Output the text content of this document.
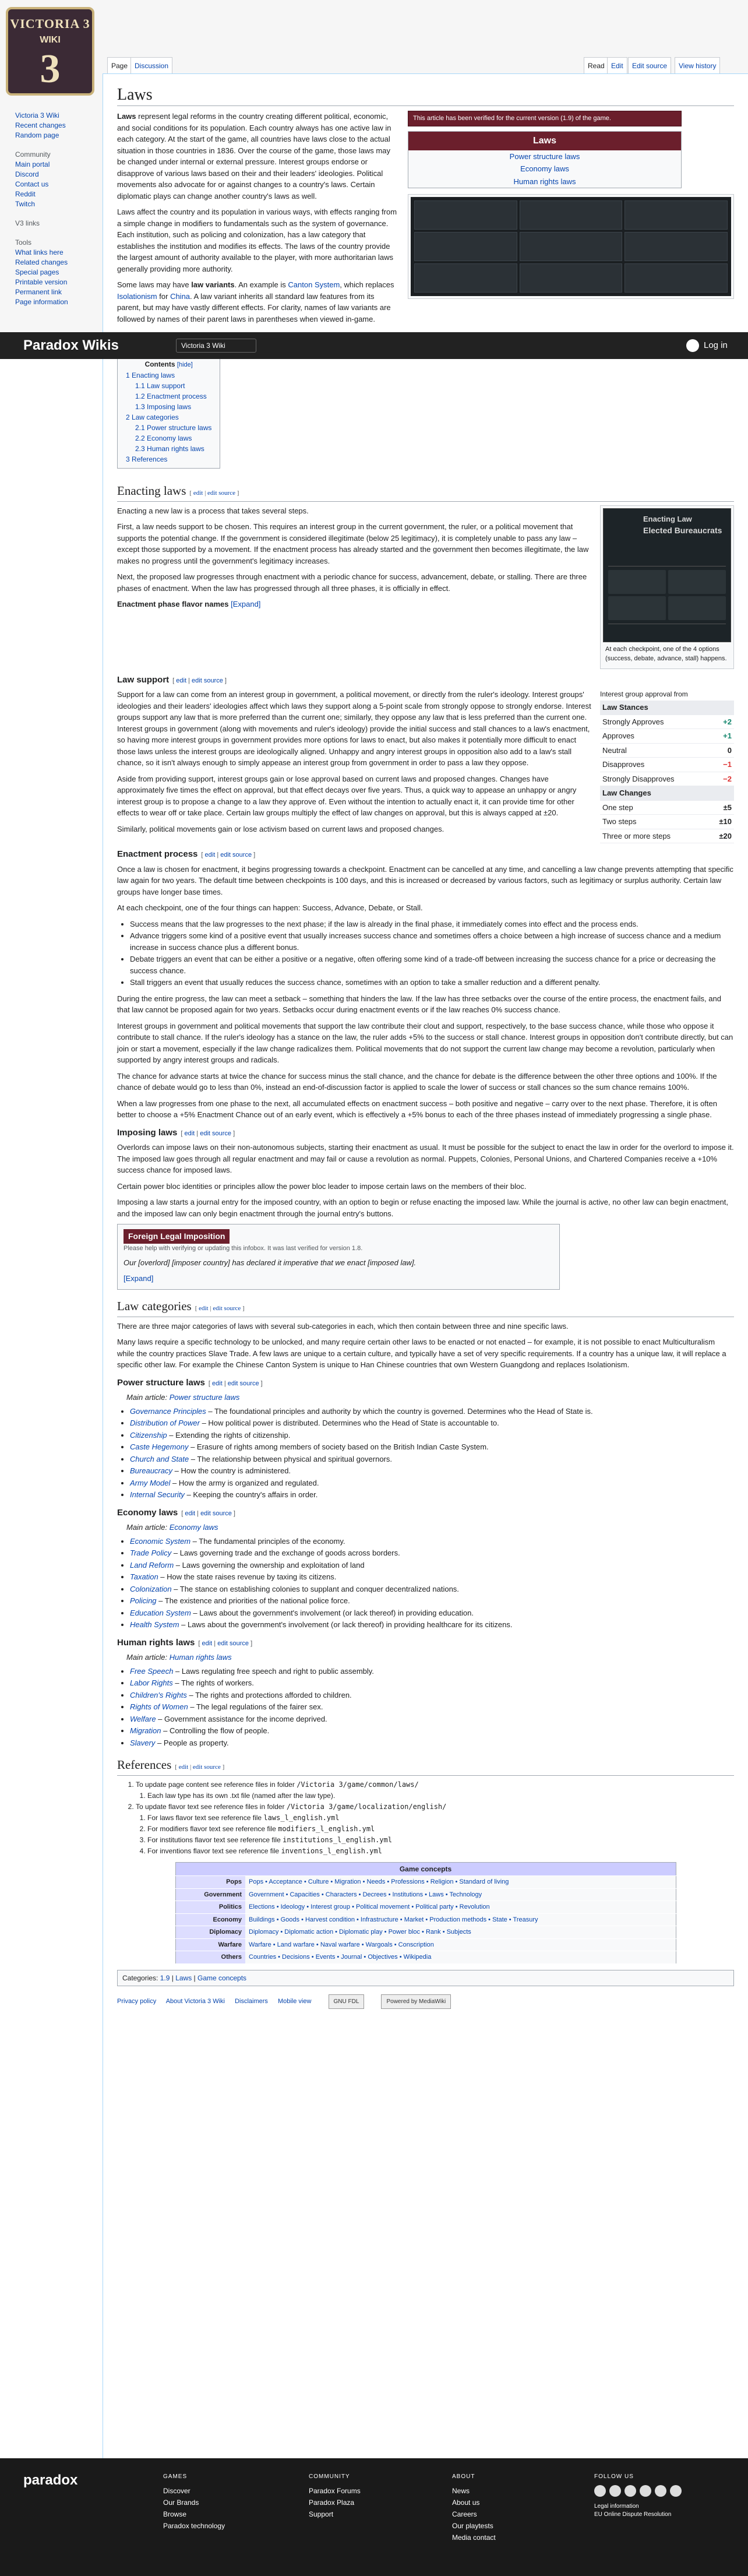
VICTORIA 3
WIKI
3
Victoria 3 Wiki
Recent changes
Random page
Community
Main portal
Discord
Contact us
Reddit
Twitch
V3 links
Tools
What links here
Related changes
Special pages
Printable version
Permanent link
Page information
Page Discussion	Read Edit	Edit source	View history
Laws
This article has been verified for the current version (1.9) of the game.
Laws
Power structure laws
Economy laws
Human rights laws

Laws represent legal reforms in the country creating different political, economic, and social conditions for its population. Each country always has one active law in each category. At the start of the game, all countries have laws close to the actual situation in those countries in 1836. Over the course of the game, those laws may be changed under internal or external pressure. Interest groups endorse or disapprove of various laws based on their and their leaders' ideologies. Political movements also advocate for or against changes to a country's laws. Certain diplomatic plays can change another country's laws as well.

Laws affect the country and its population in various ways, with effects ranging from a simple change in modifiers to fundamentals such as the system of governance. Each institution, such as policing and colonization, has a law category that establishes the institution and modifies its effects. The laws of the country provide the largest amount of authority available to the player, with more authoritarian laws generally providing more authority.

Some laws may have law variants. An example is Canton System, which replaces Isolationism for China. A law variant inherits all standard law features from its parent, but may have vastly different effects. For clarity, names of law variants are followed by names of their parent laws in parentheses when viewed in-game.

Contents [hide]
1 Enacting laws
1.1 Law support
1.2 Enactment process
1.3 Imposing laws
2 Law categories
2.1 Power structure laws
2.2 Economy laws
2.3 Human rights laws
3 References
Enacting laws [ edit | edit source ]
Enacting Law
Elected Bureaucrats
At each checkpoint, one of the 4 options (success, debate, advance, stall) happens.

Enacting a new law is a process that takes several steps.

First, a law needs support to be chosen. This requires an interest group in the current government, the ruler, or a political movement that supports the potential change. If the government is considered illegitimate (below 25 legitimacy), it is completely unable to pass any law – except those supported by a movement. If the enactment process has already started and the government then becomes illegitimate, the law makes no progress until the government's legitimacy increases.

Next, the proposed law progresses through enactment with a periodic chance for success, advancement, debate, or stalling. There are three phases of enactment. When the law has progressed through all three phases, it is officially in effect.

Enactment phase flavor names [Expand]

Law support [ edit | edit source ]
Interest group approval from
Law Stances	
Strongly Approves	+2
Approves	+1
Neutral	0
Disapproves	−1
Strongly Disapproves	−2
Law Changes	
One step	±5
Two steps	±10
Three or more steps	±20

Support for a law can come from an interest group in government, a political movement, or directly from the ruler's ideology. Interest groups' ideologies and their leaders' ideologies affect which laws they support along a 5-point scale from strongly oppose to strongly endorse. Interest groups support any law that is more preferred than the current one; similarly, they oppose any law that is less preferred than the current one. Interest groups in government (along with movements and ruler's ideology) provide the initial success and stall chances to a law's enactment, so having more interest groups in government provides more options for laws to enact, but also makes it potentially more difficult to enact those laws unless the interest groups are ideologically aligned. Unhappy and angry interest groups in opposition also add to a law's stall chance, so it isn't always enough to simply appease an interest group from government in order to pass a law they oppose.

Aside from providing support, interest groups gain or lose approval based on current laws and proposed changes. Changes have approximately five times the effect on approval, but that effect decays over five years. Thus, a quick way to appease an unhappy or angry interest group is to propose a change to a law they approve of. Even without the intention to actually enact it, it can provide time for other effects to wear off or take place. Certain law groups multiply the effect of law changes on approval, but this is always capped at ±20.

Similarly, political movements gain or lose activism based on current laws and proposed changes.

Enactment process [ edit | edit source ]

Once a law is chosen for enactment, it begins progressing towards a checkpoint. Enactment can be cancelled at any time, and cancelling a law change prevents attempting that specific law again for two years. The default time between checkpoints is 100 days, and this is increased or decreased by various factors, such as legitimacy or surplus authority. Certain law groups have longer base times.

At each checkpoint, one of the four things can happen: Success, Advance, Debate, or Stall.

• Success means that the law progresses to the next phase; if the law is already in the final phase, it immediately comes into effect and the process ends.
• Advance triggers some kind of a positive event that usually increases success chance and sometimes offers a choice between a high increase of success chance and a medium increase in success chance plus a different bonus.
• Debate triggers an event that can be either a positive or a negative, often offering some kind of a trade-off between increasing the success chance for a price or decreasing the success chance.
• Stall triggers an event that usually reduces the success chance, sometimes with an option to take a smaller reduction and a different penalty.

During the entire progress, the law can meet a setback – something that hinders the law. If the law has three setbacks over the course of the entire process, the enactment fails, and that law cannot be proposed again for two years. Setbacks occur during enactment events or if the law reaches 0% success chance.

Interest groups in government and political movements that support the law contribute their clout and support, respectively, to the base success chance, while those who oppose it contribute to stall chance. If the ruler's ideology has a stance on the law, the ruler adds +5% to the success or stall chance. Interest groups in opposition don't contribute directly, but can join or start a movement, especially if the law change radicalizes them. Political movements that do not support the current law change may become a revolution, particularly when supported by angry interest groups and radicals.

The chance for advance starts at twice the chance for success minus the stall chance, and the chance for debate is the difference between the other three options and 100%. If the chance of debate would go to less than 0%, instead an end-of-discussion factor is applied to scale the lower of success or stall chances so the sum chance remains 100%.

When a law progresses from one phase to the next, all accumulated effects on enactment success – both positive and negative – carry over to the next phase. Therefore, it is often better to choose a +5% Enactment Chance out of an early event, which is effectively a +5% bonus to each of the three phases instead of immediately progressing a single phase.

Imposing laws [ edit | edit source ]

Overlords can impose laws on their non-autonomous subjects, starting their enactment as usual. It must be possible for the subject to enact the law in order for the overlord to impose it. The imposed law goes through all regular enactment and may fail or cause a revolution as normal. Puppets, Colonies, Personal Unions, and Chartered Companies receive a +10% success chance for imposed laws.

Certain power bloc identities or principles allow the power bloc leader to impose certain laws on the members of their bloc.

Imposing a law starts a journal entry for the imposed country, with an option to begin or refuse enacting the imposed law. While the journal is active, no other law can begin enactment, and the imposed law can only begin enactment through the journal entry's buttons.

Foreign Legal Imposition
Please help with verifying or updating this infobox. It was last verified for version 1.8.

Our [overlord] [imposer country] has declared it imperative that we enact [imposed law].

[Expand]
Law categories [ edit | edit source ]

There are three major categories of laws with several sub-categories in each, which then contain between three and nine specific laws.

Many laws require a specific technology to be unlocked, and many require certain other laws to be enacted or not enacted – for example, it is not possible to enact Multiculturalism while the country practices Slave Trade. A few laws are unique to a certain culture, and typically have a set of very specific requirements. If a country has a unique law, it will replace a specific other law. For example the Chinese Canton System is unique to Han Chinese countries that own Western Guangdong and replaces Isolationism.

Power structure laws [ edit | edit source ]
Main article: Power structure laws
• Governance Principles – The foundational principles and authority by which the country is governed. Determines who the Head of State is.
• Distribution of Power – How political power is distributed. Determines who the Head of State is accountable to.
• Citizenship – Extending the rights of citizenship.
• Caste Hegemony – Erasure of rights among members of society based on the British Indian Caste System.
• Church and State – The relationship between physical and spiritual governors.
• Bureaucracy – How the country is administered.
• Army Model – How the army is organized and regulated.
• Internal Security – Keeping the country's affairs in order.
Economy laws [ edit | edit source ]
Main article: Economy laws
• Economic System – The fundamental principles of the economy.
• Trade Policy – Laws governing trade and the exchange of goods across borders.
• Land Reform – Laws governing the ownership and exploitation of land
• Taxation – How the state raises revenue by taxing its citizens.
• Colonization – The stance on establishing colonies to supplant and conquer decentralized nations.
• Policing – The existence and priorities of the national police force.
• Education System – Laws about the government's involvement (or lack thereof) in providing education.
• Health System – Laws about the government's involvement (or lack thereof) in providing healthcare for its citizens.
Human rights laws [ edit | edit source ]
Main article: Human rights laws
• Free Speech – Laws regulating free speech and right to public assembly.
• Labor Rights – The rights of workers.
• Children's Rights – The rights and protections afforded to children.
• Rights of Women – The legal regulations of the fairer sex.
• Welfare – Government assistance for the income deprived.
• Migration – Controlling the flow of people.
• Slavery – People as property.
References [ edit | edit source ]
1. To update page content see reference files in folder /Victoria 3/game/common/laws/
1. Each law type has its own .txt file (named after the law type).
2. To update flavor text see reference files in folder /Victoria 3/game/localization/english/
1. For laws flavor text see reference file laws_l_english.yml
2. For modifiers flavor text see reference file modifiers_l_english.yml
3. For institutions flavor text see reference file institutions_l_english.yml
4. For inventions flavor text see reference file inventions_l_english.yml
Game concepts	
Pops	Pops • Acceptance • Culture • Migration • Needs • Professions • Religion • Standard of living
Government	Government • Capacities • Characters • Decrees • Institutions • Laws • Technology
Politics	Elections • Ideology • Interest group • Political movement • Political party • Revolution
Economy	Buildings • Goods • Harvest condition • Infrastructure • Market • Production methods • State • Treasury
Diplomacy	Diplomacy • Diplomatic action • Diplomatic play • Power bloc • Rank • Subjects
Warfare	Warfare • Land warfare • Naval warfare • Wargoals • Conscription
Others	Countries • Decisions • Events • Journal • Objectives • Wikipedia
Categories: 1.9 | Laws | Game concepts
Privacy policy About Victoria 3 Wiki Disclaimers Mobile view	GNU FDL	Powered by MediaWiki
Paradox Wikis	Victoria 3 Wiki	Log in
paradox	GAMES
Discover
Our Brands
Browse
Paradox technology
COMMUNITY
Paradox Forums
Paradox Plaza
Support
ABOUT
News
About us
Careers
Our playtests
Media contact
FOLLOW US
Legal information
EU Online Dispute Resolution
